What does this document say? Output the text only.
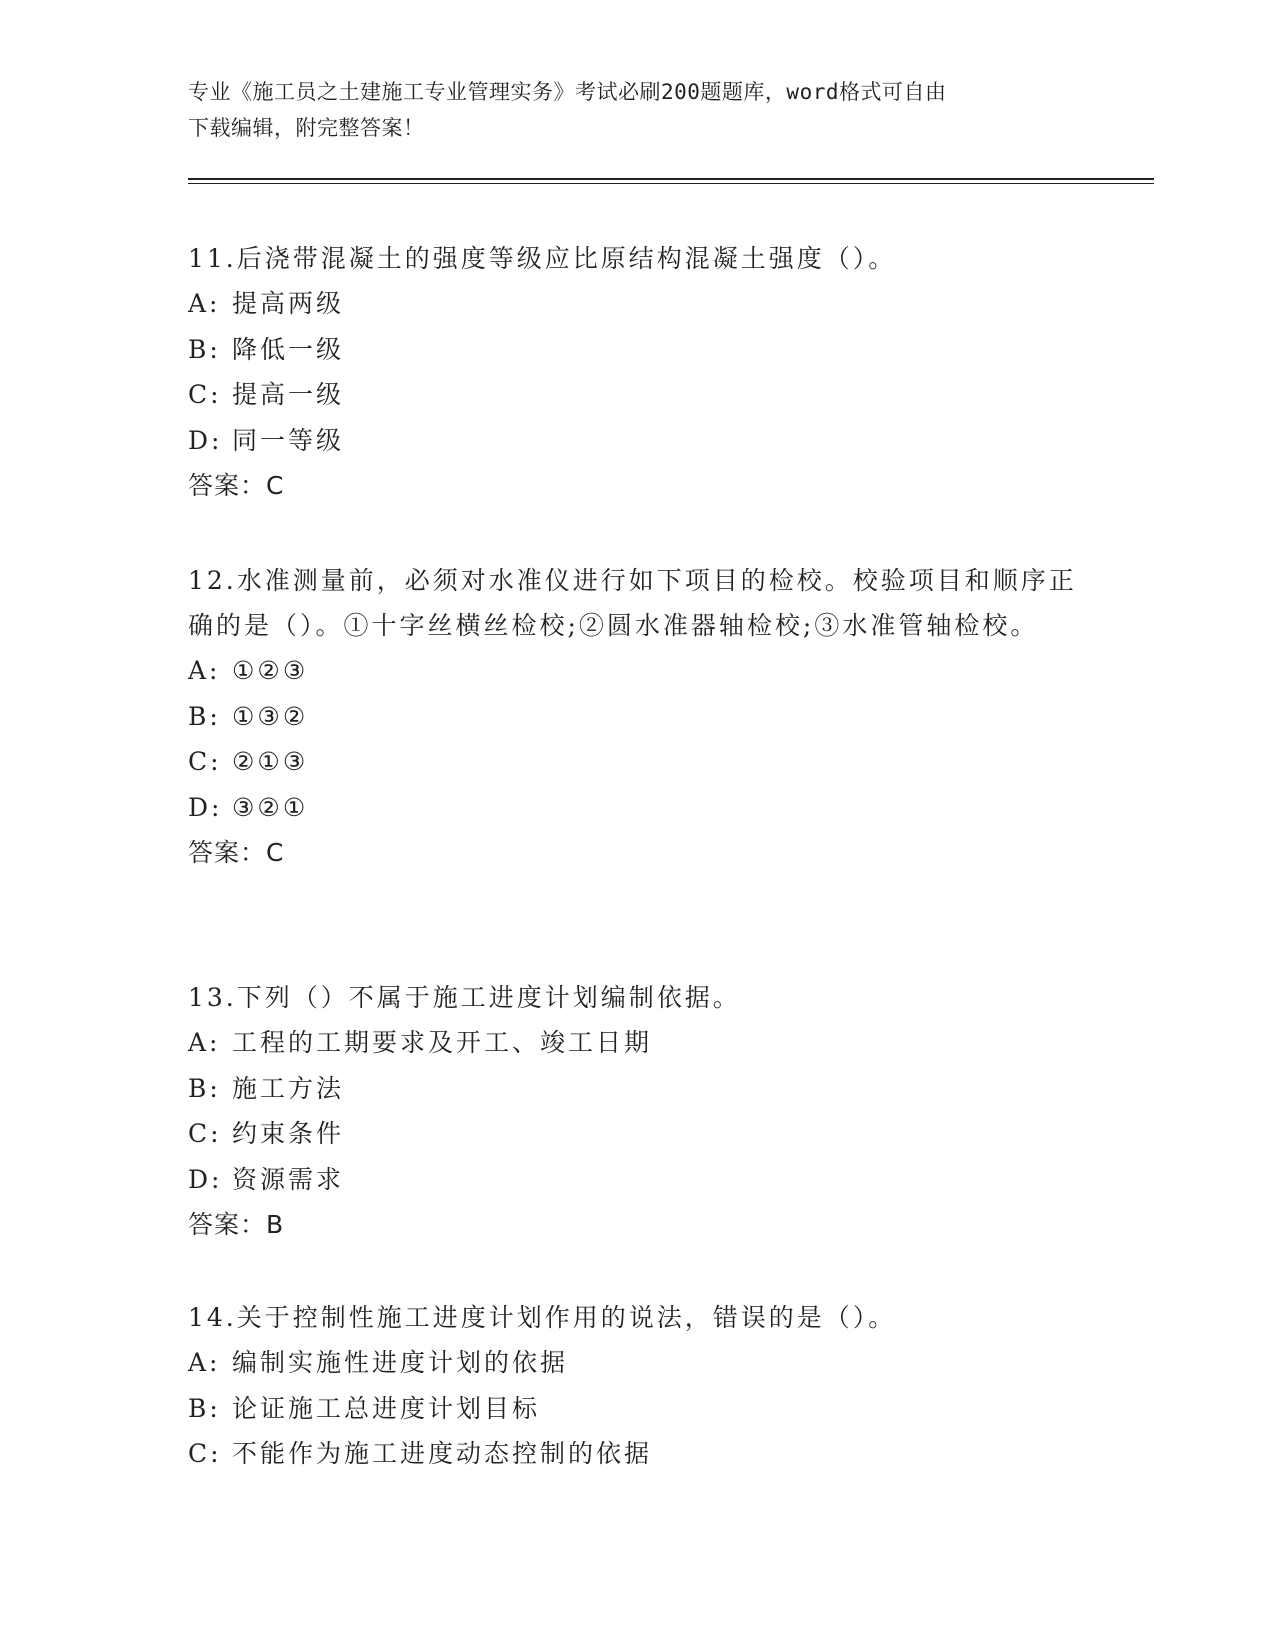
专业《施工员之土建施工专业管理实务》考试必刷200题题库，word格式可自由
下载编辑，附完整答案！

11.后浇带混凝土的强度等级应比原结构混凝土强度（）。

A: 提高两级

B: 降低一级

C: 提高一级

D: 同一等级

答案：C

12.水准测量前，必须对水准仪进行如下项目的检校。校验项目和顺序正确的是（）。①十字丝横丝检校;②圆水准器轴检校;③水准管轴检校。

A: ①②③

B: ①③②

C: ②①③

D: ③②①

答案：C

13.下列（）不属于施工进度计划编制依据。

A: 工程的工期要求及开工、竣工日期

B: 施工方法

C: 约束条件

D: 资源需求

答案：B

14.关于控制性施工进度计划作用的说法，错误的是（）。

A: 编制实施性进度计划的依据

B: 论证施工总进度计划目标

C: 不能作为施工进度动态控制的依据
